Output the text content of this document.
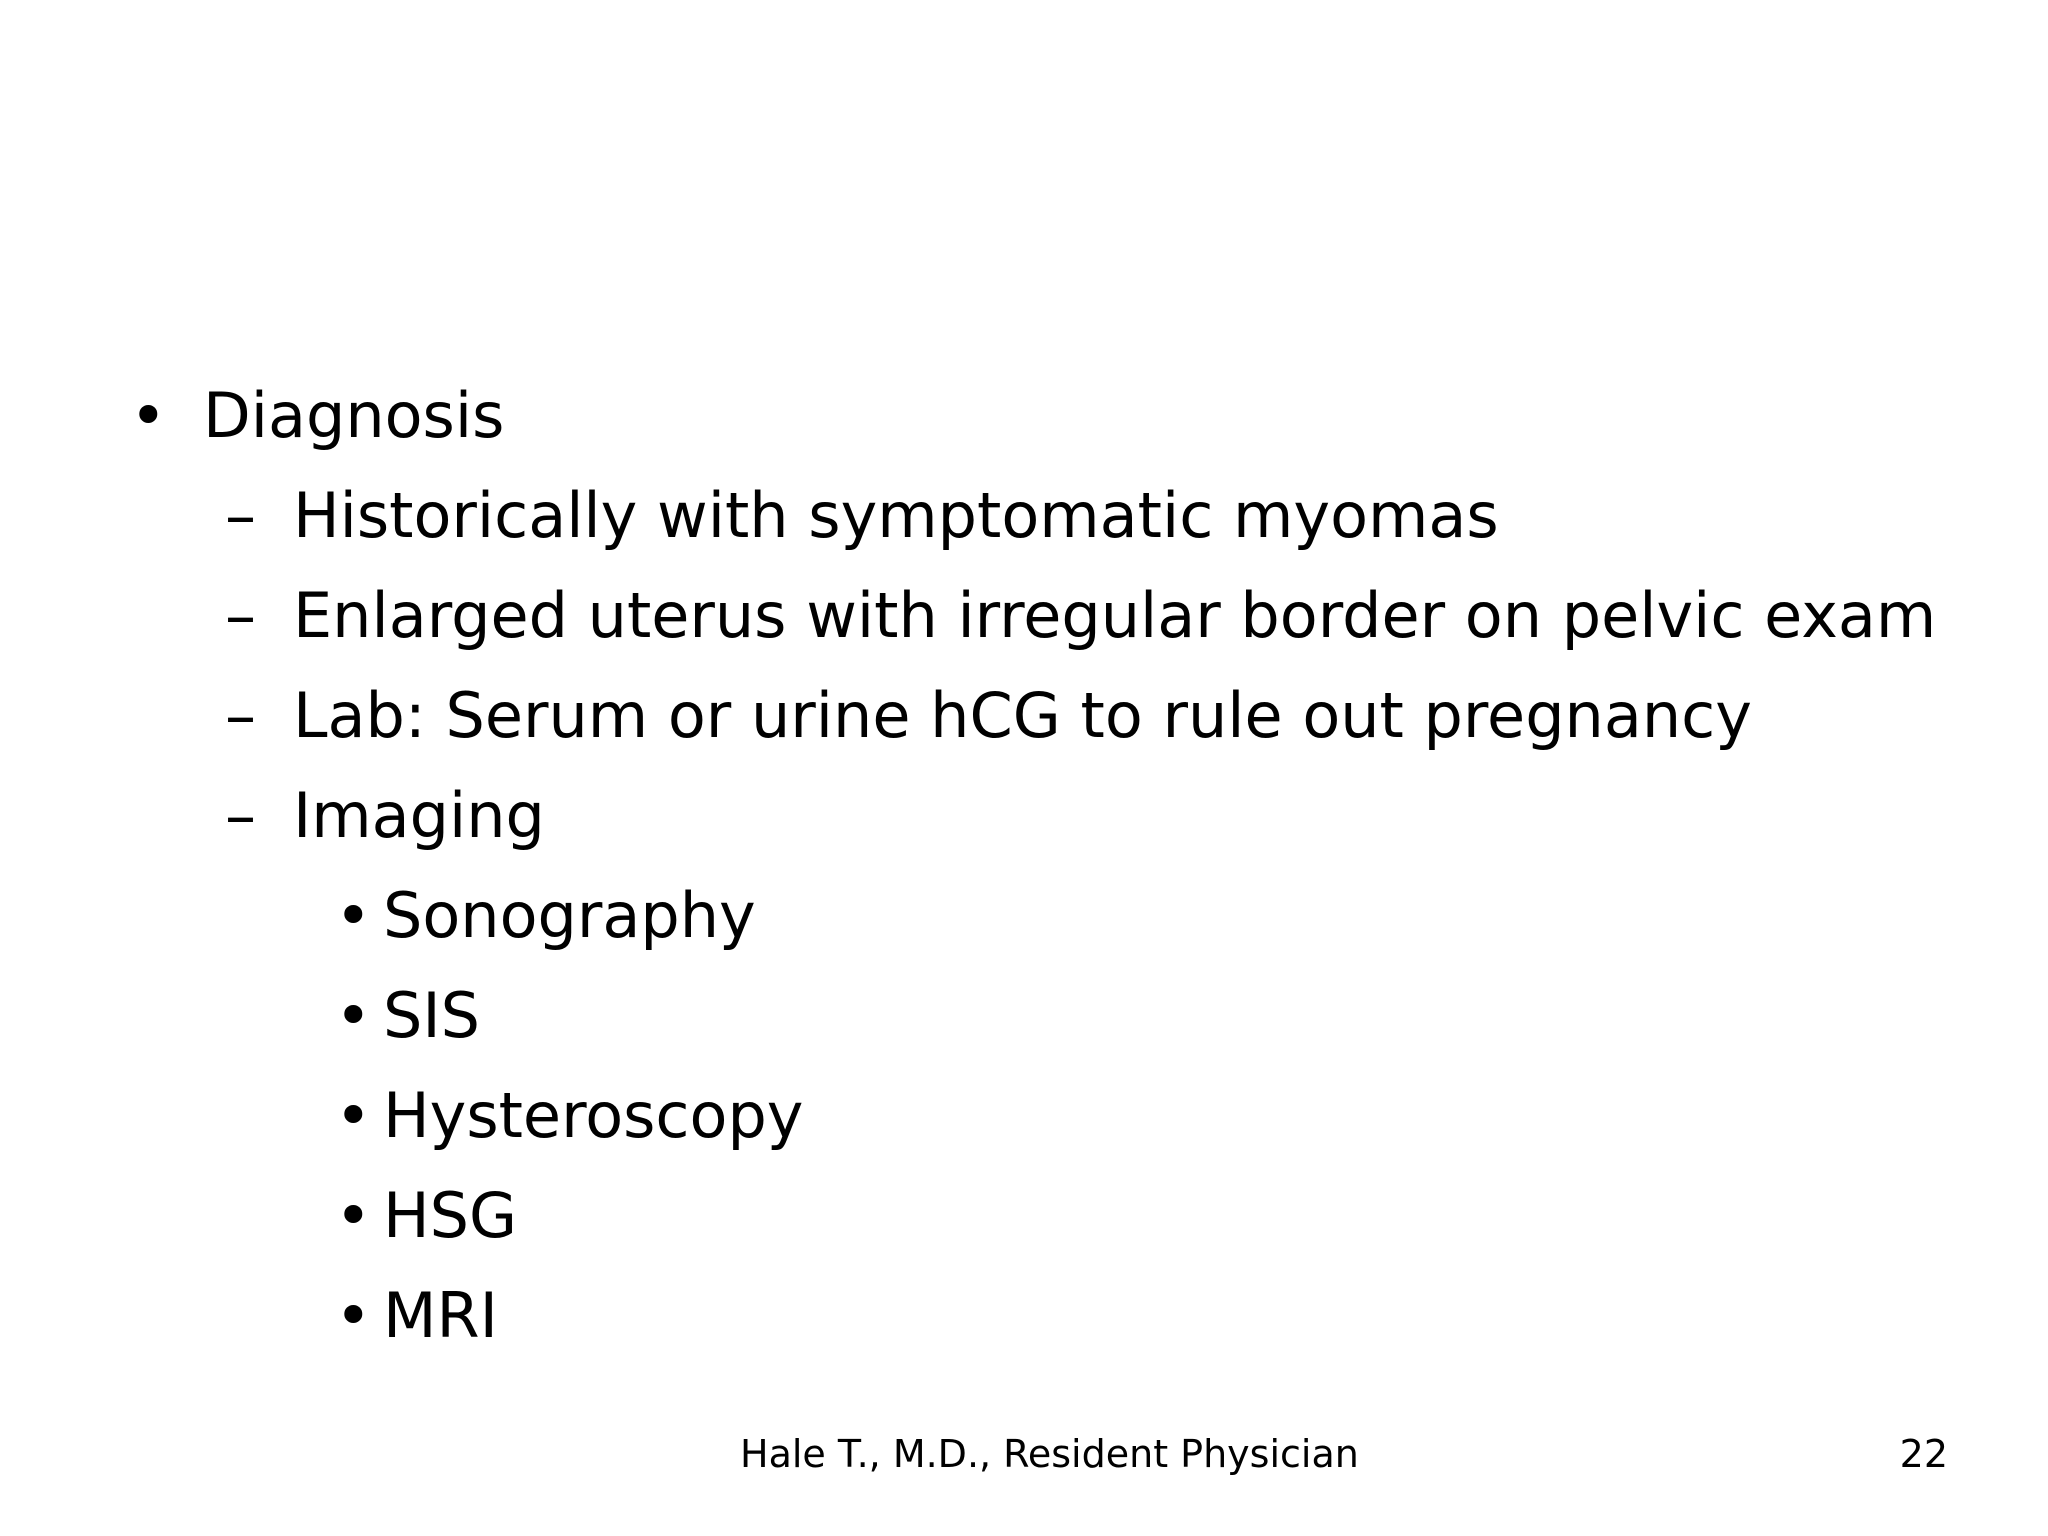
• Diagnosis
– Historically with symptomatic myomas
– Enlarged uterus with irregular border on pelvic exam
– Lab: Serum or urine hCG to rule out pregnancy
– Imaging
• Sonography
• SIS
• Hysteroscopy
• HSG
• MRI
Hale T., M.D., Resident Physician	22
